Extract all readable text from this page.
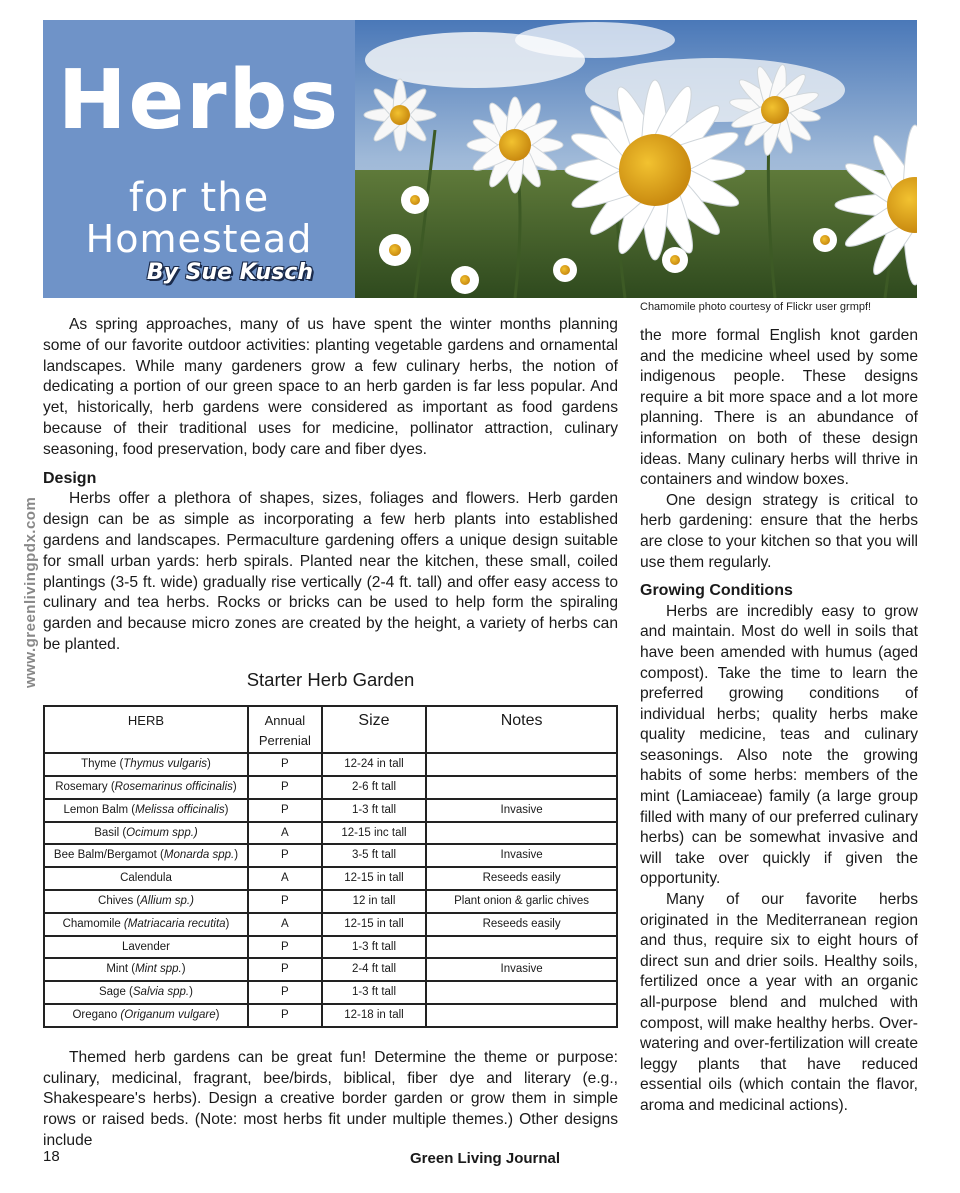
Herbs
for the
Homestead
By Sue Kusch
Chamomile photo courtesy of Flickr user grmpf!
www.greenlivingpdx.com

As spring approaches, many of us have spent the winter months planning some of our favorite outdoor activities: planting vegetable gardens and ornamental landscapes. While many gardeners grow a few culinary herbs, the notion of dedicating a portion of our green space to an herb garden is far less popular. And yet, historically, herb gardens were considered as important as food gardens because of their traditional uses for medicine, pollinator attraction, culinary seasoning, food preservation, body care and fiber dyes.

Design

Herbs offer a plethora of shapes, sizes, foliages and flowers. Herb garden design can be as simple as incorporating a few herb plants into established gardens and landscapes. Permaculture gardening offers a unique design suitable for small urban yards: herb spirals. Planted near the kitchen, these small, coiled plantings (3-5 ft. wide) gradually rise vertically (2-4 ft. tall) and offer easy access to culinary and tea herbs. Rocks or bricks can be used to help form the spiraling garden and because micro zones are created by the height, a variety of herbs can be planted.

Starter Herb Garden
HERB	Annual Perrenial	Size	Notes
Thyme (Thymus vulgaris)	P	12-24 in tall	
Rosemary (Rosemarinus officinalis)	P	2-6 ft tall	
Lemon Balm (Melissa officinalis)	P	1-3 ft tall	Invasive
Basil (Ocimum spp.)	A	12-15 inc tall	
Bee Balm/Bergamot (Monarda spp.)	P	3-5 ft tall	Invasive
Calendula	A	12-15 in tall	Reseeds easily
Chives (Allium sp.)	P	12 in tall	Plant onion & garlic chives
Chamomile (Matriacaria recutita)	A	12-15 in tall	Reseeds easily
Lavender	P	1-3 ft tall	
Mint (Mint spp.)	P	2-4 ft tall	Invasive
Sage (Salvia spp.)	P	1-3 ft tall	
Oregano (Origanum vulgare)	P	12-18 in tall	

Themed herb gardens can be great fun! Determine the theme or purpose: culinary, medicinal, fragrant, bee/birds, biblical, fiber dye and literary (e.g., Shakespeare's herbs). Design a creative border garden or grow them in simple rows or raised beds. (Note: most herbs fit under multiple themes.) Other designs include

the more formal English knot garden and the medicine wheel used by some indigenous people. These designs require a bit more space and a lot more planning. There is an abundance of information on both of these design ideas. Many culinary herbs will thrive in containers and window boxes.

One design strategy is critical to herb gardening: ensure that the herbs are close to your kitchen so that you will use them regularly.

Growing Conditions

Herbs are incredibly easy to grow and maintain. Most do well in soils that have been amended with humus (aged compost). Take the time to learn the preferred growing conditions of individual herbs; quality herbs make quality medicine, teas and culinary seasonings. Also note the growing habits of some herbs: members of the mint (Lamiaceae) family (a large group filled with many of our preferred culinary herbs) can be somewhat invasive and will take over quickly if given the opportunity.

Many of our favorite herbs originated in the Mediterranean region and thus, require six to eight hours of direct sun and drier soils. Healthy soils, fertilized once a year with an organic all-purpose blend and mulched with compost, will make healthy herbs. Over-watering and over-fertilization will create leggy plants that have reduced essential oils (which contain the flavor, aroma and medicinal actions).

18	Green Living Journal
